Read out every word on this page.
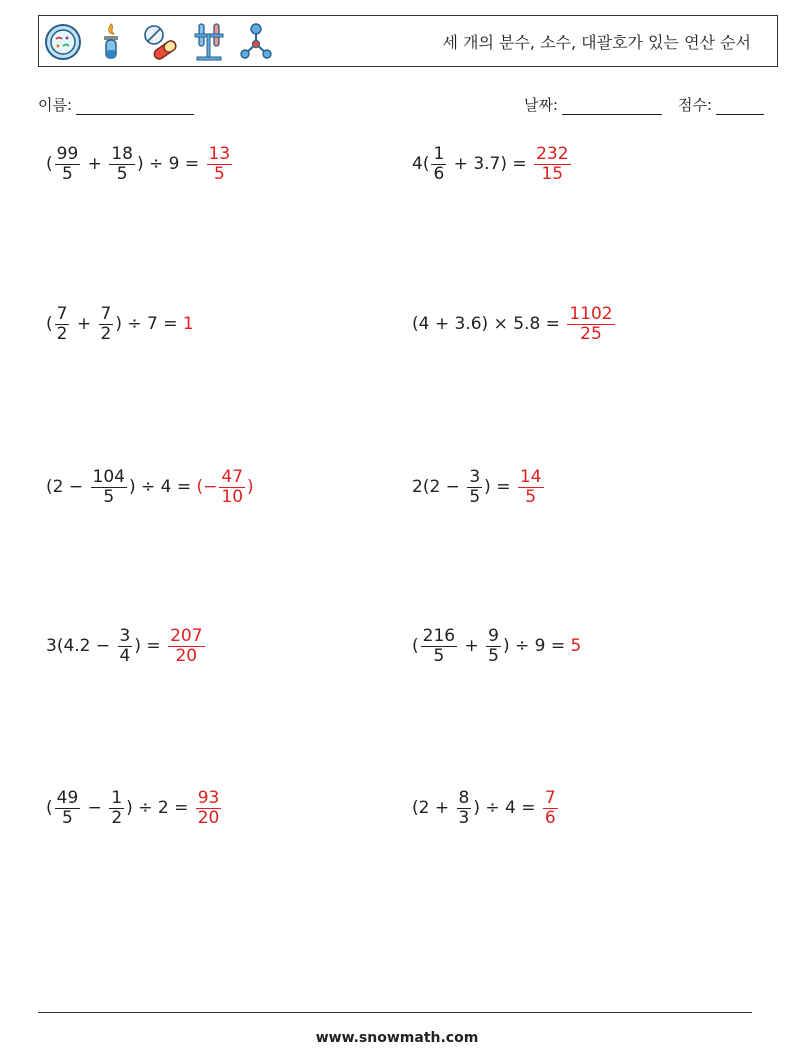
세 개의 분수, 소수, 대괄호가 있는 연산 순서
이름:	날짜:	점수:
www.snowmath.com
( $\frac{99}{5} + \frac{18}{5}$ ) ÷ $9 = \frac{13}{5}$	$4( \frac{1}{6} + 3.7) = \frac{232}{15}$
( $\frac{7}{2} + \frac{7}{2}$ ) ÷ 7 = 1	$(4 + 3.6) \times 5.8 = \frac{1102}{25}$
($2 - \frac{104}{5}$ ) ÷ 4 = (− $\frac{47}{10}$ )	$2(2 - \frac{3}{5}$ ) = $\frac{14}{5}$
$3(4.2 - \frac{3}{4}$ ) = $\frac{207}{20}$	( $\frac{216}{5} + \frac{9}{5}$ ) ÷ 9 = 5
( $\frac{49}{5} - \frac{1}{2}$ ) ÷ $2 = \frac{93}{20}$	($2 + \frac{8}{3}$ ) ÷ $4 = \frac{7}{6}$
